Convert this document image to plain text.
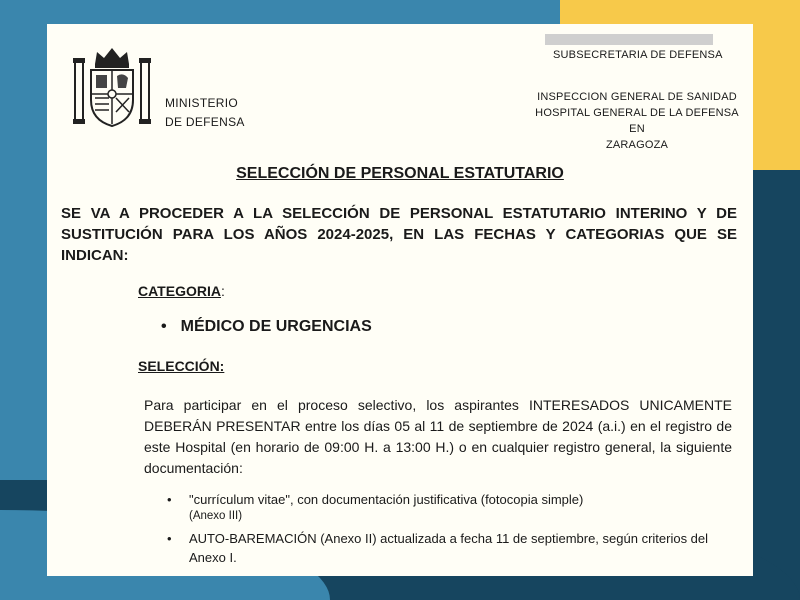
MINISTERIO
DE DEFENSA
SUBSECRETARIA DE DEFENSA
INSPECCION GENERAL DE SANIDAD
HOSPITAL GENERAL DE LA DEFENSA EN
ZARAGOZA
SELECCIÓN DE PERSONAL ESTATUTARIO
SE VA A PROCEDER A LA SELECCIÓN DE PERSONAL ESTATUTARIO INTERINO Y DE SUSTITUCIÓN PARA LOS AÑOS 2024-2025, EN LAS FECHAS Y CATEGORIAS QUE SE INDICAN:
CATEGORIA:
• MÉDICO DE URGENCIAS
SELECCIÓN:
Para participar en el proceso selectivo, los aspirantes INTERESADOS UNICAMENTE DEBERÁN PRESENTAR entre los días 05 al 11 de septiembre de 2024 (a.i.) en el registro de este Hospital (en horario de 09:00 H. a 13:00 H.) o en cualquier registro general, la siguiente documentación:
• "currículum vitae", con documentación justificativa (fotocopia simple)
(Anexo III)
• AUTO-BAREMACIÓN (Anexo II) actualizada a fecha 11 de septiembre, según criterios del Anexo I.
